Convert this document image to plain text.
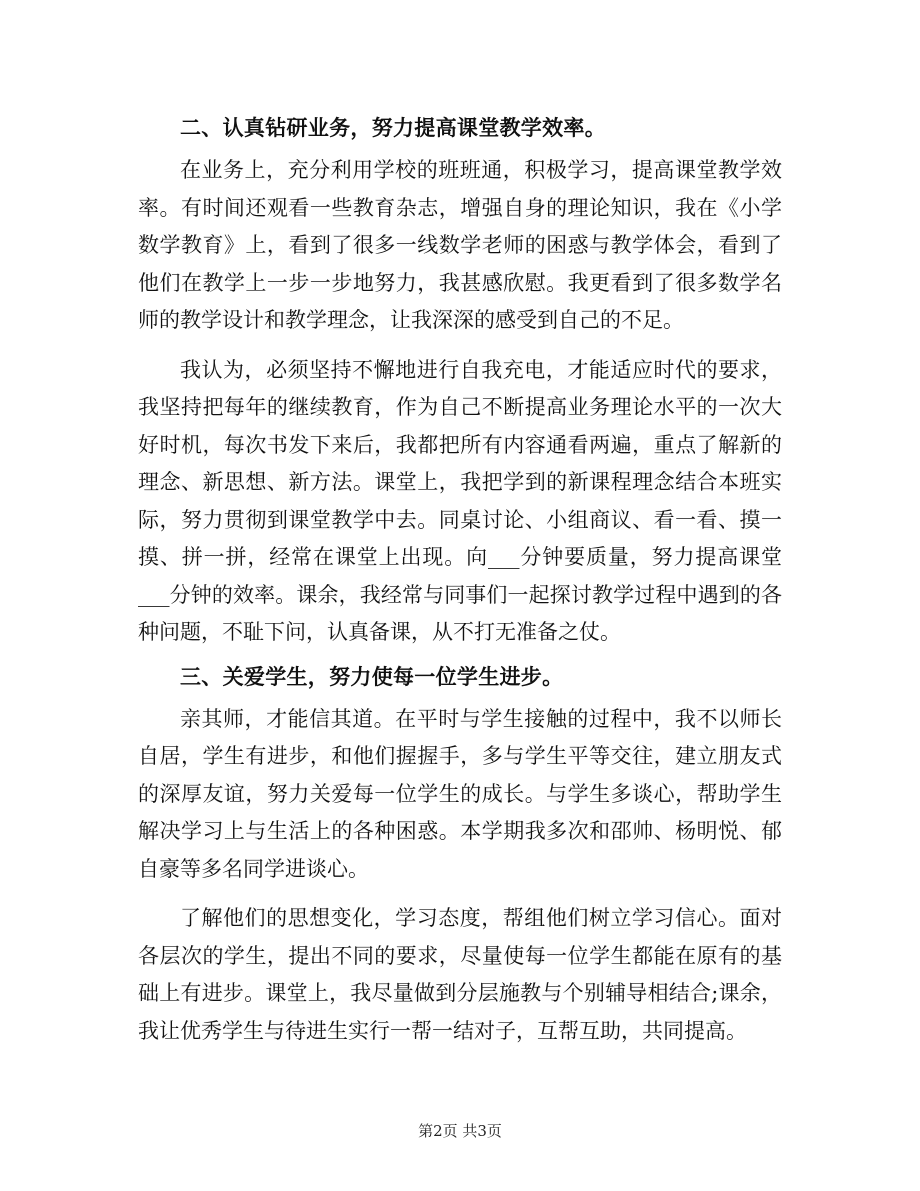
二、认真钻研业务，努力提高课堂教学效率。

在业务上，充分利用学校的班班通，积极学习，提高课堂教学效率。有时间还观看一些教育杂志，增强自身的理论知识，我在《小学数学教育》上，看到了很多一线数学老师的困惑与教学体会，看到了他们在教学上一步一步地努力，我甚感欣慰。我更看到了很多数学名师的教学设计和教学理念，让我深深的感受到自己的不足。

我认为，必须坚持不懈地进行自我充电，才能适应时代的要求，我坚持把每年的继续教育，作为自己不断提高业务理论水平的一次大好时机，每次书发下来后，我都把所有内容通看两遍，重点了解新的理念、新思想、新方法。课堂上，我把学到的新课程理念结合本班实际，努力贯彻到课堂教学中去。同桌讨论、小组商议、看一看、摸一摸、拼一拼，经常在课堂上出现。向___分钟要质量，努力提高课堂___分钟的效率。课余，我经常与同事们一起探讨教学过程中遇到的各种问题，不耻下问，认真备课，从不打无准备之仗。

三、关爱学生，努力使每一位学生进步。

亲其师，才能信其道。在平时与学生接触的过程中，我不以师长自居，学生有进步，和他们握握手，多与学生平等交往，建立朋友式的深厚友谊，努力关爱每一位学生的成长。与学生多谈心，帮助学生解决学习上与生活上的各种困惑。本学期我多次和邵帅、杨明悦、郁自豪等多名同学进谈心。

了解他们的思想变化，学习态度，帮组他们树立学习信心。面对各层次的学生，提出不同的要求，尽量使每一位学生都能在原有的基础上有进步。课堂上，我尽量做到分层施教与个别辅导相结合;课余，我让优秀学生与待进生实行一帮一结对子，互帮互助，共同提高。

第2页 共3页
